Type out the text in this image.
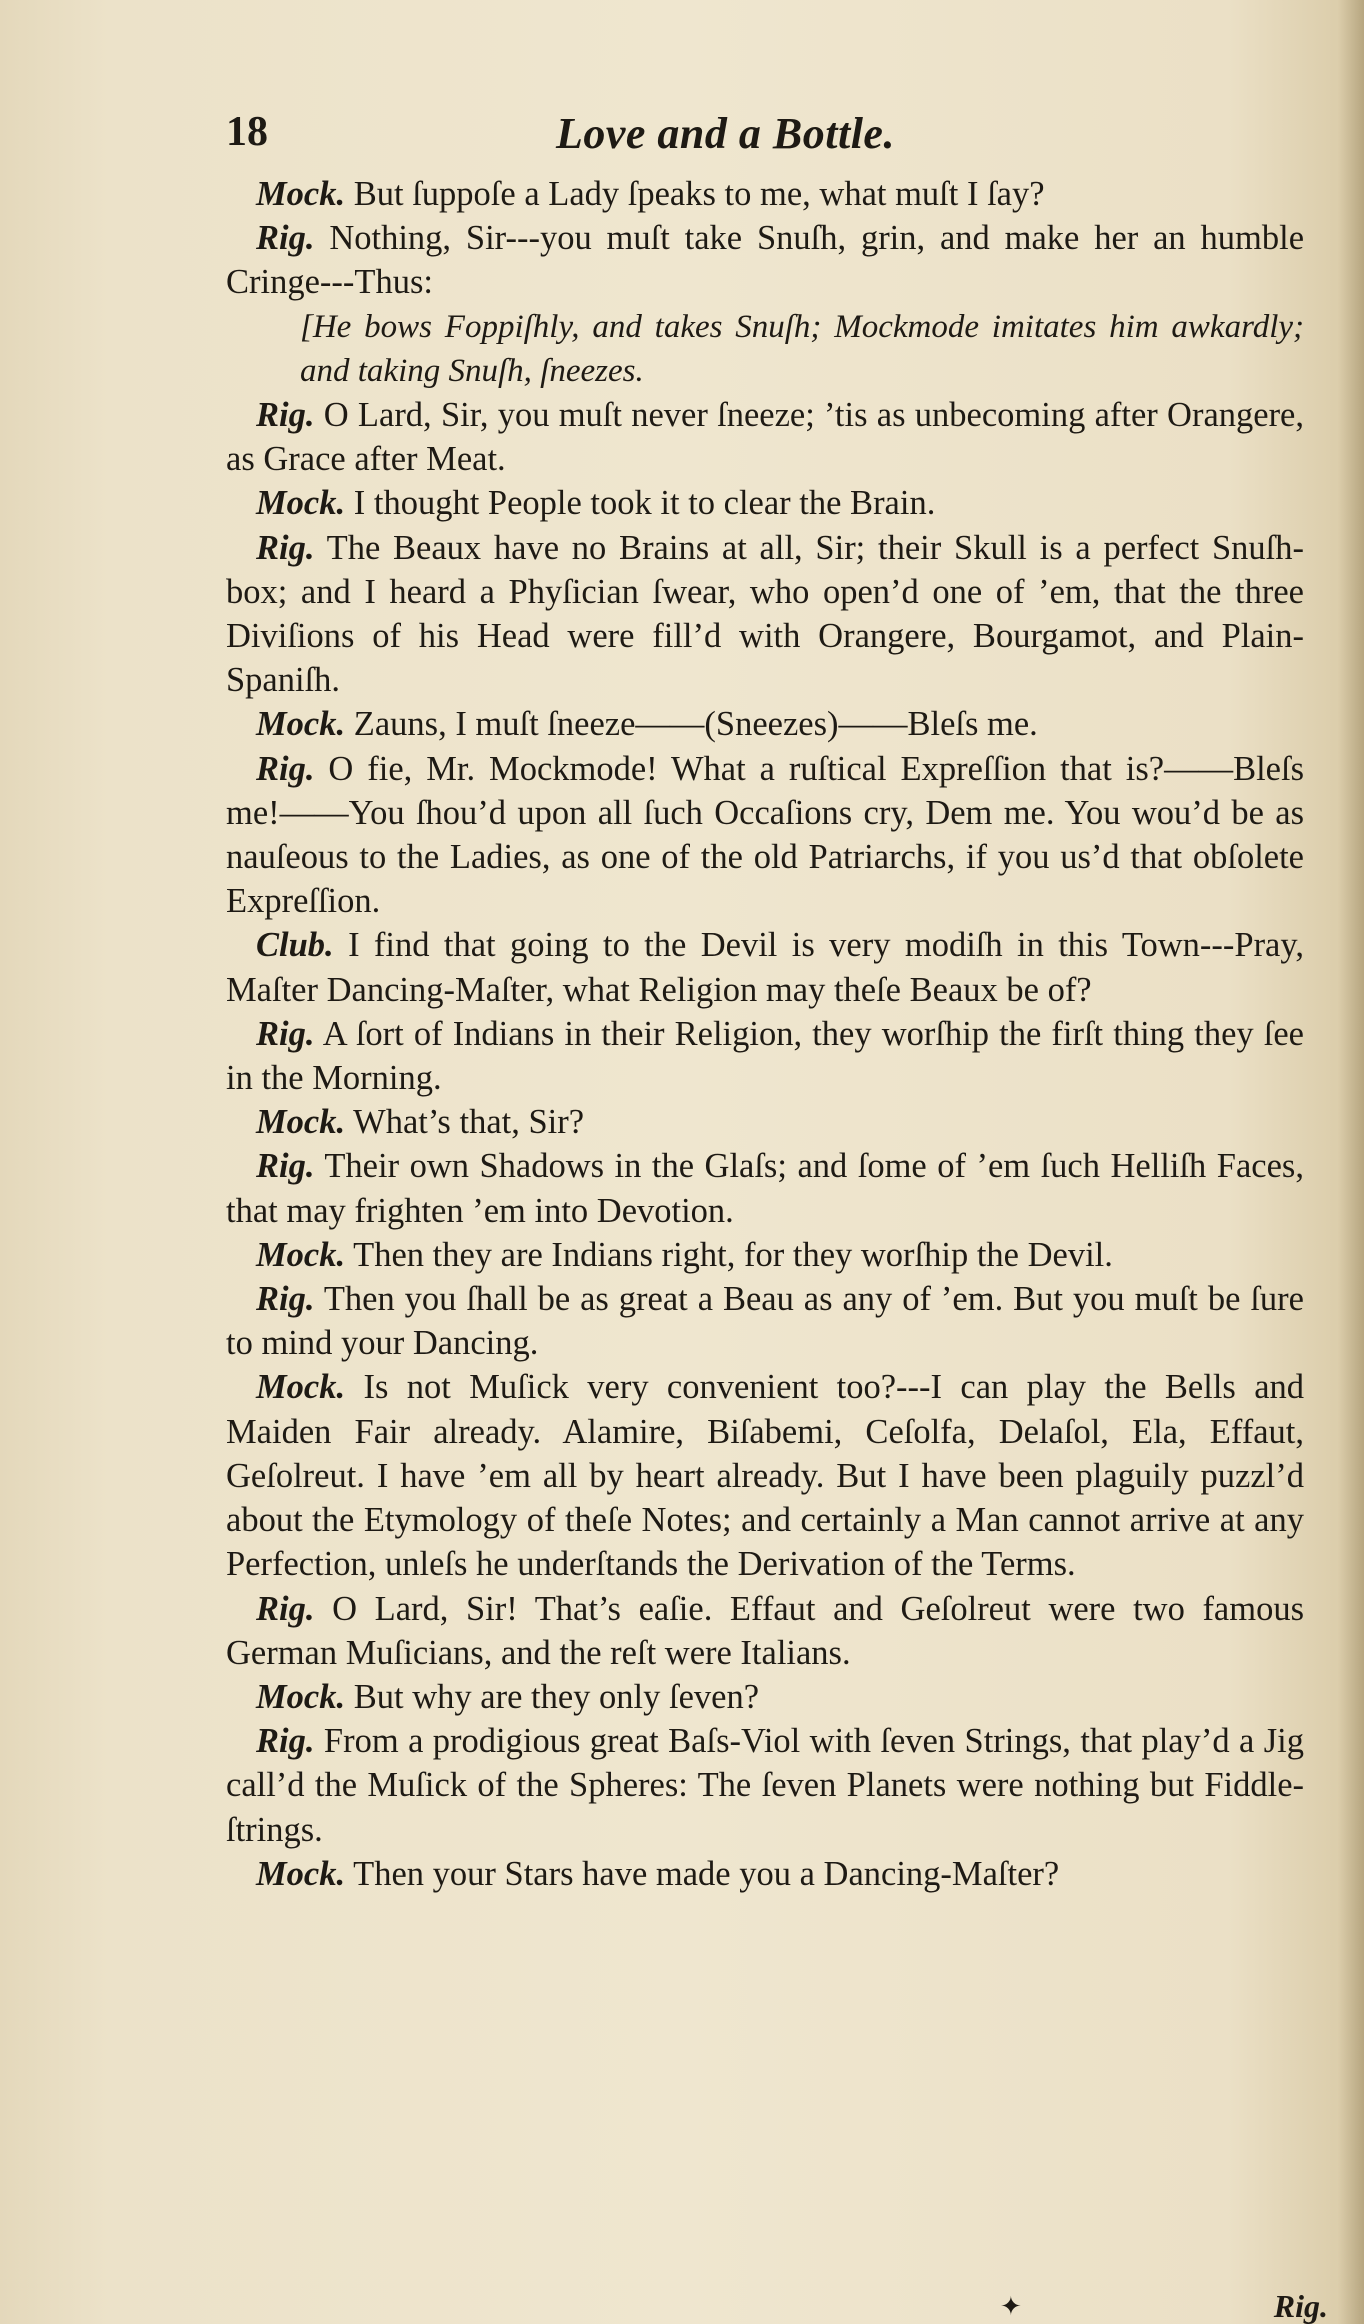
18	Love and a Bottle.

Mock. But ſuppoſe a Lady ſpeaks to me, what muſt I ſay?

Rig. Nothing, Sir---you muſt take Snuſh, grin, and make her an humble Cringe---Thus:

[He bows Foppiſhly, and takes Snuſh; Mockmode imitates him awkardly; and taking Snuſh, ſneezes.

Rig. O Lard, Sir, you muſt never ſneeze; ’tis as unbecoming after Orangere, as Grace after Meat.

Mock. I thought People took it to clear the Brain.

Rig. The Beaux have no Brains at all, Sir; their Skull is a perfect Snuſh-box; and I heard a Phyſician ſwear, who open’d one of ’em, that the three Diviſions of his Head were fill’d with Orangere, Bourgamot, and Plain-Spaniſh.

Mock. Zauns, I muſt ſneeze——(Sneezes)——Bleſs me.

Rig. O fie, Mr. Mockmode! What a ruſtical Expreſſion that is?——Bleſs me!——You ſhou’d upon all ſuch Occaſions cry, Dem me. You wou’d be as nauſeous to the Ladies, as one of the old Patriarchs, if you us’d that obſolete Expreſſion.

Club. I find that going to the Devil is very modiſh in this Town---Pray, Maſter Dancing-Maſter, what Religion may theſe Beaux be of?

Rig. A ſort of Indians in their Religion, they worſhip the firſt thing they ſee in the Morning.

Mock. What’s that, Sir?

Rig. Their own Shadows in the Glaſs; and ſome of ’em ſuch Helliſh Faces, that may frighten ’em into Devotion.

Mock. Then they are Indians right, for they worſhip the Devil.

Rig. Then you ſhall be as great a Beau as any of ’em. But you muſt be ſure to mind your Dancing.

Mock. Is not Muſick very convenient too?---I can play the Bells and Maiden Fair already. Alamire, Biſabemi, Ceſolfa, Delaſol, Ela, Effaut, Geſolreut. I have ’em all by heart already. But I have been plaguily puzzl’d about the Etymology of theſe Notes; and certainly a Man cannot arrive at any Perfection, unleſs he underſtands the Derivation of the Terms.

Rig. O Lard, Sir! That’s eaſie. Effaut and Geſolreut were two famous German Muſicians, and the reſt were Italians.

Mock. But why are they only ſeven?

Rig. From a prodigious great Baſs-Viol with ſeven Strings, that play’d a Jig call’d the Muſick of the Spheres: The ſeven Planets were nothing but Fiddle-ſtrings.

Mock. Then your Stars have made you a Dancing-Maſter?

✦	Rig.
